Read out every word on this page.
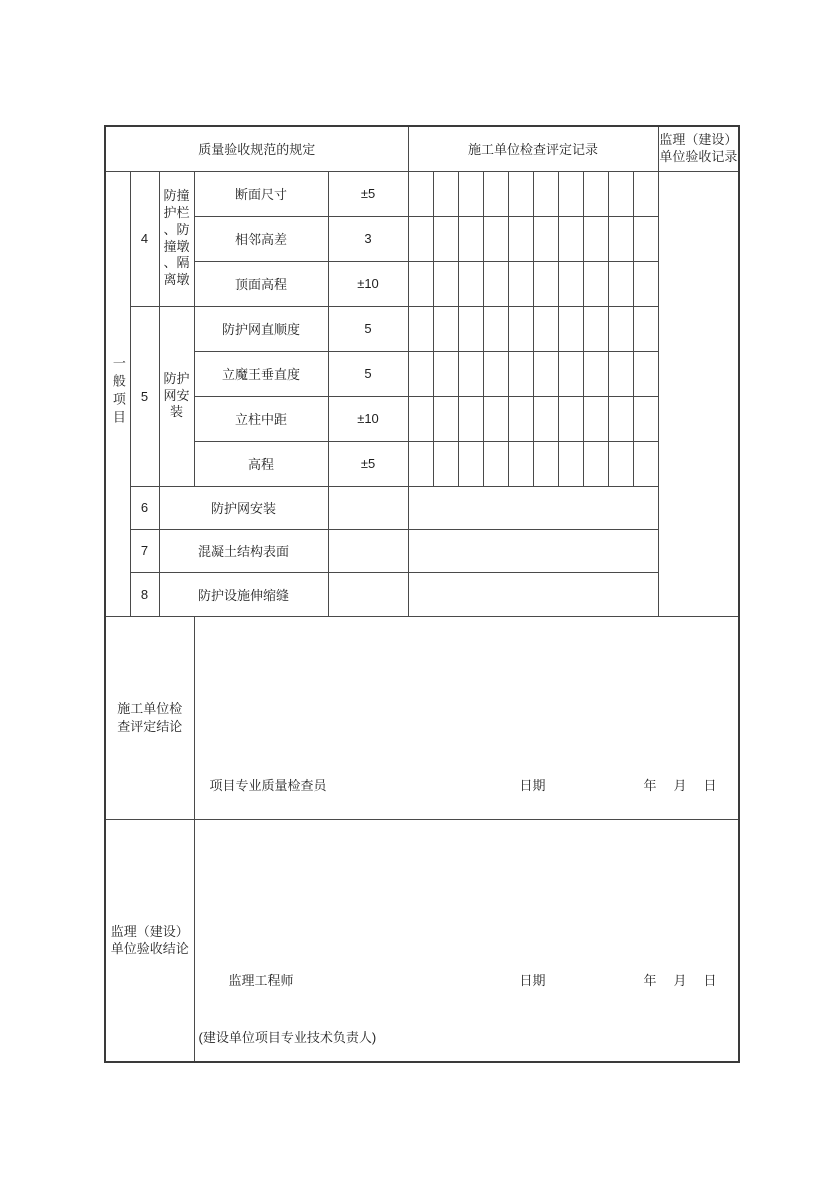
质量验收规范的规定					施工单位检查评定记录										监理（建设）
单位验收记录

一般项目	4	防撞护栏、防撞墩、隔离墩	断面尺寸	±5											
			相邻高差	3											
			顶面高程	±10											
	5	防护网安装	防护网直顺度	5											
			立魔王垂直度	5											
			立柱中距	±10											
			高程	±5											
	6	防护网安装													
	7	混凝土结构表面													
	8	防护设施伸缩缝													

施工单位检
查评定结论			项目专业质量检查员 日期 年 月 日												

监理（建设）
单位验收结论

监理工程师	日期	年 月 日
(建设单位项目专业技术负责人)
